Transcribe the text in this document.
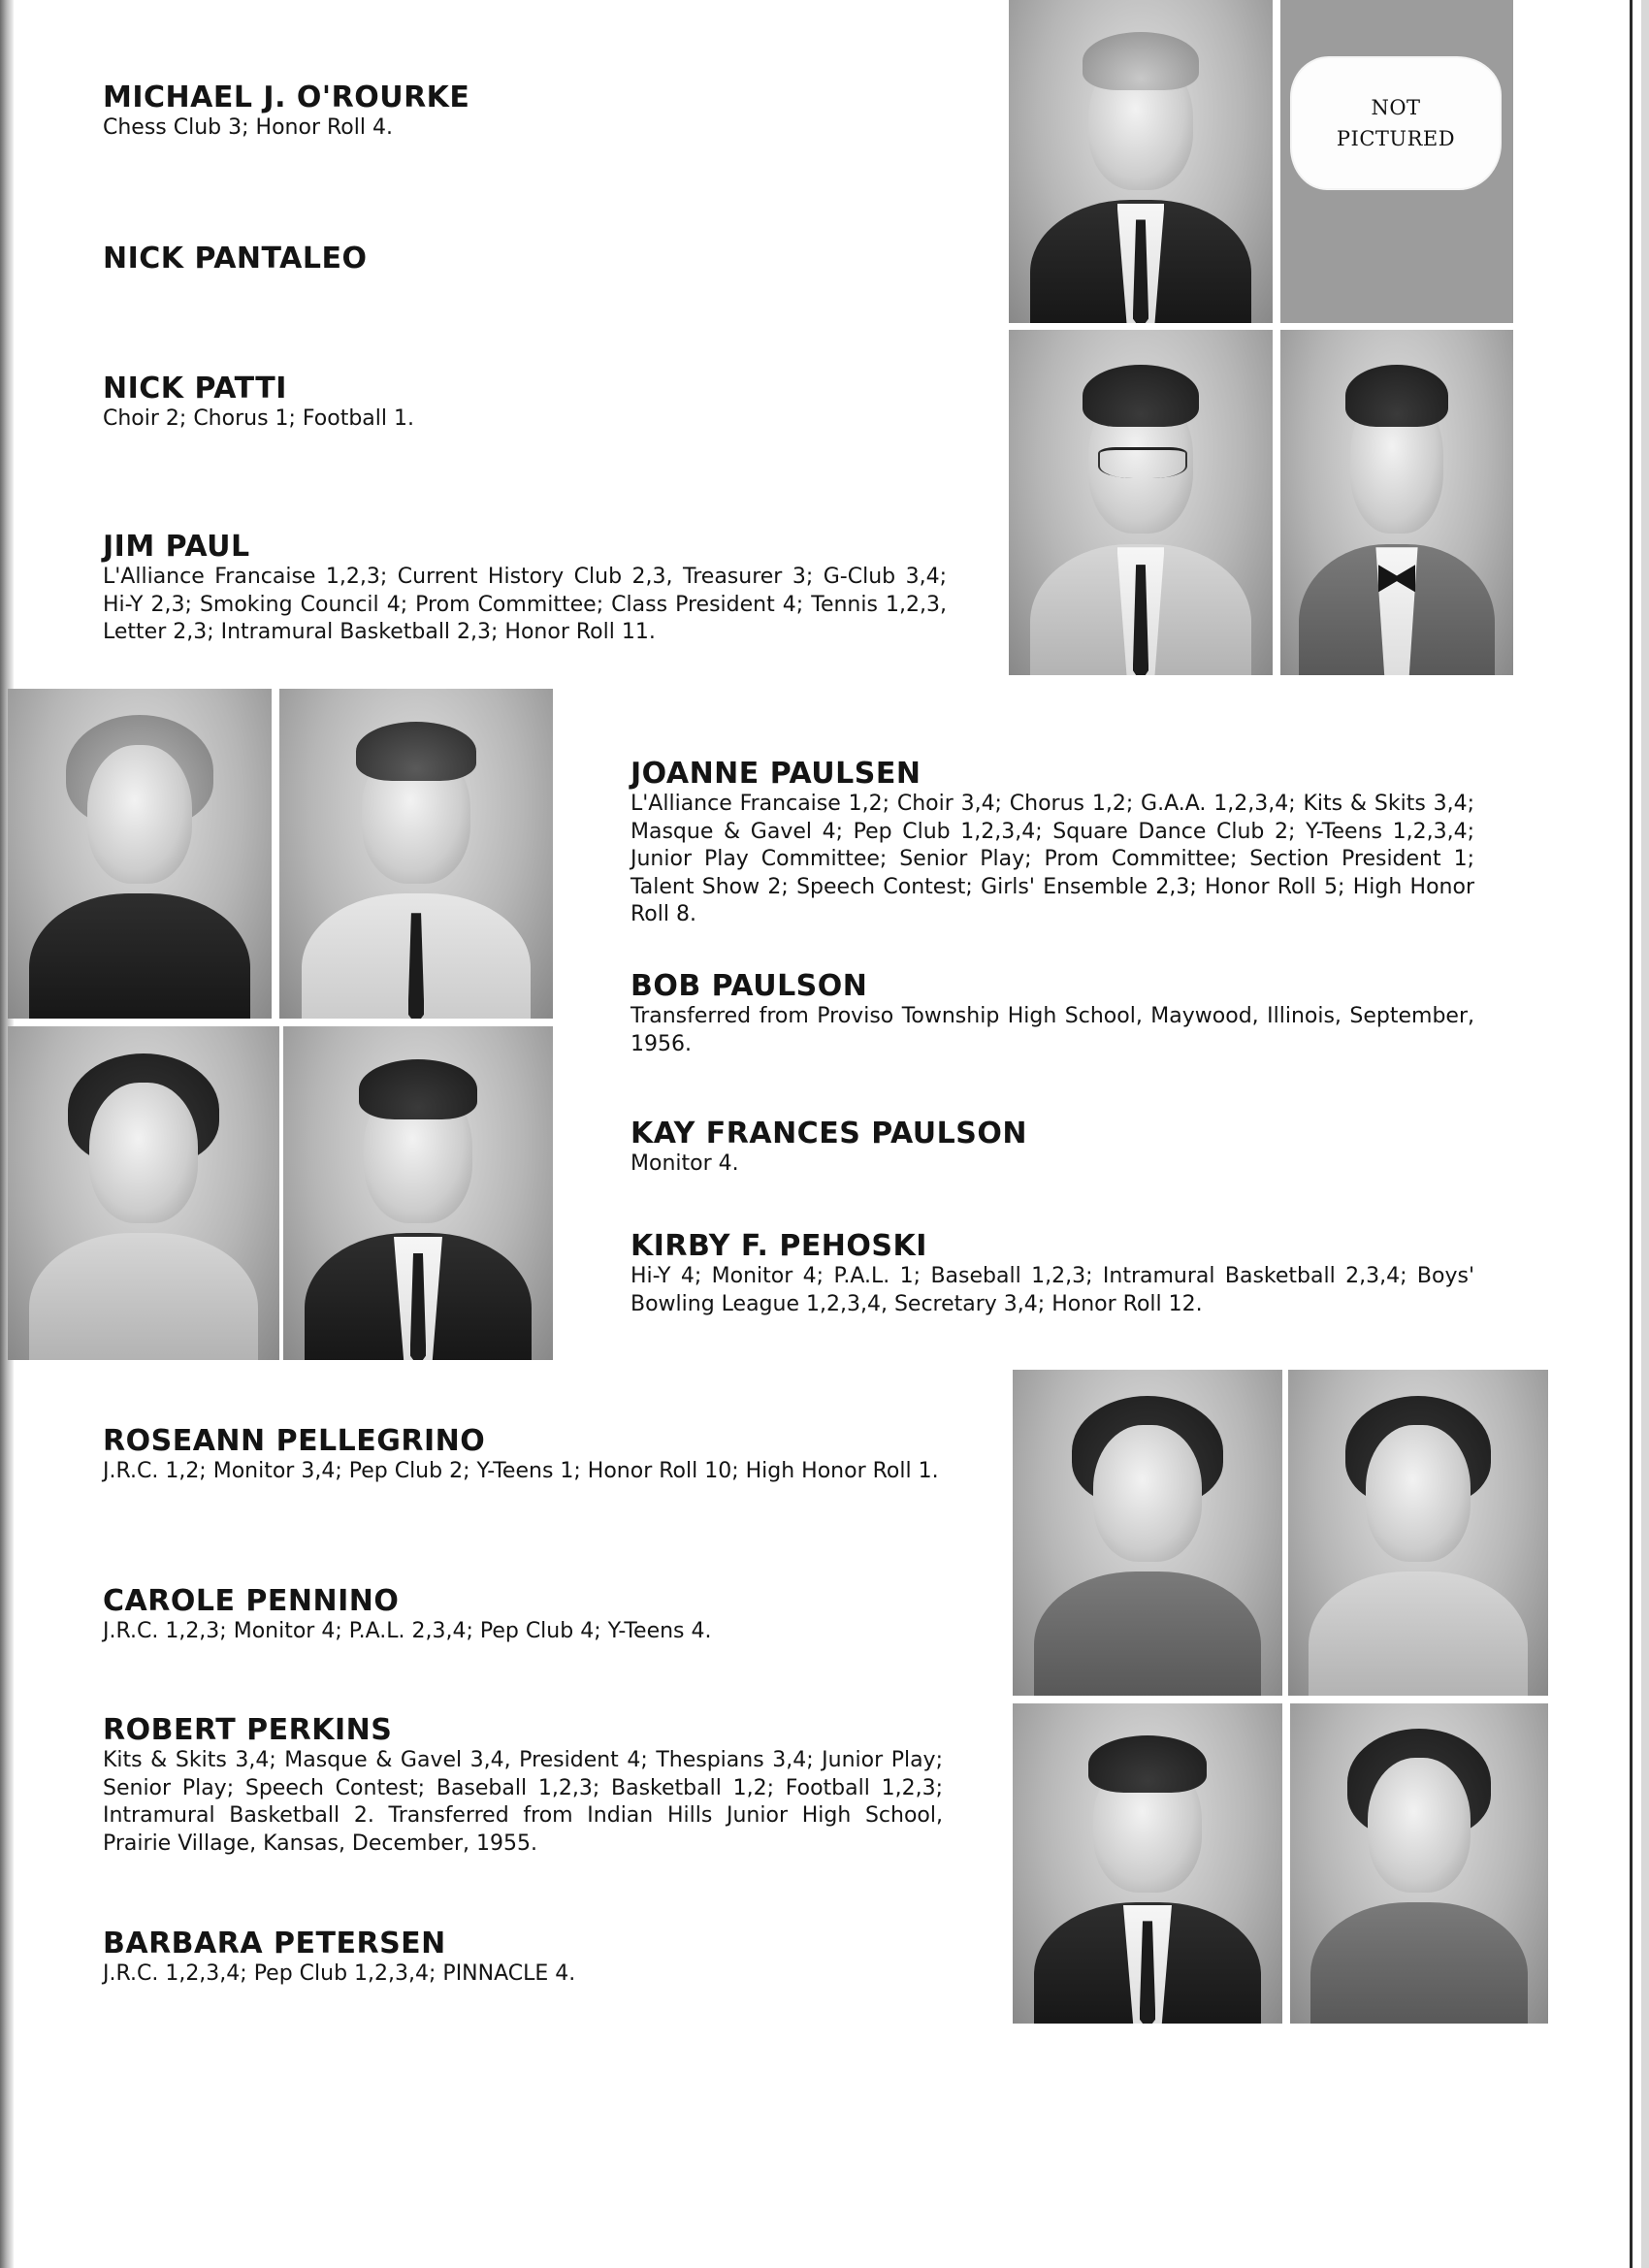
MICHAEL J. O'ROURKE

Chess Club 3; Honor Roll 4.

NICK PANTALEO

NICK PATTI

Choir 2; Chorus 1; Football 1.

JIM PAUL

L'Alliance Francaise 1,2,3; Current History Club 2,3, Treasurer 3; G-Club 3,4; Hi-Y 2,3; Smoking Council 4; Prom Committee; Class President 4; Tennis 1,2,3, Letter 2,3; Intramural Basketball 2,3; Honor Roll 11.

NOT
PICTURED

JOANNE PAULSEN

L'Alliance Francaise 1,2; Choir 3,4; Chorus 1,2; G.A.A. 1,2,3,4; Kits & Skits 3,4; Masque & Gavel 4; Pep Club 1,2,3,4; Square Dance Club 2; Y-Teens 1,2,3,4; Junior Play Committee; Senior Play; Prom Committee; Section President 1; Talent Show 2; Speech Contest; Girls' Ensemble 2,3; Honor Roll 5; High Honor Roll 8.

BOB PAULSON

Transferred from Proviso Township High School, Maywood, Illinois, September, 1956.

KAY FRANCES PAULSON

Monitor 4.

KIRBY F. PEHOSKI

Hi-Y 4; Monitor 4; P.A.L. 1; Baseball 1,2,3; Intramural Basketball 2,3,4; Boys' Bowling League 1,2,3,4, Secretary 3,4; Honor Roll 12.

ROSEANN PELLEGRINO

J.R.C. 1,2; Monitor 3,4; Pep Club 2; Y-Teens 1; Honor Roll 10; High Honor Roll 1.

CAROLE PENNINO

J.R.C. 1,2,3; Monitor 4; P.A.L. 2,3,4; Pep Club 4; Y-Teens 4.

ROBERT PERKINS

Kits & Skits 3,4; Masque & Gavel 3,4, President 4; Thespians 3,4; Junior Play; Senior Play; Speech Contest; Baseball 1,2,3; Basketball 1,2; Football 1,2,3; Intramural Basketball 2. Transferred from Indian Hills Junior High School, Prairie Village, Kansas, December, 1955.

BARBARA PETERSEN

J.R.C. 1,2,3,4; Pep Club 1,2,3,4; PINNACLE 4.
